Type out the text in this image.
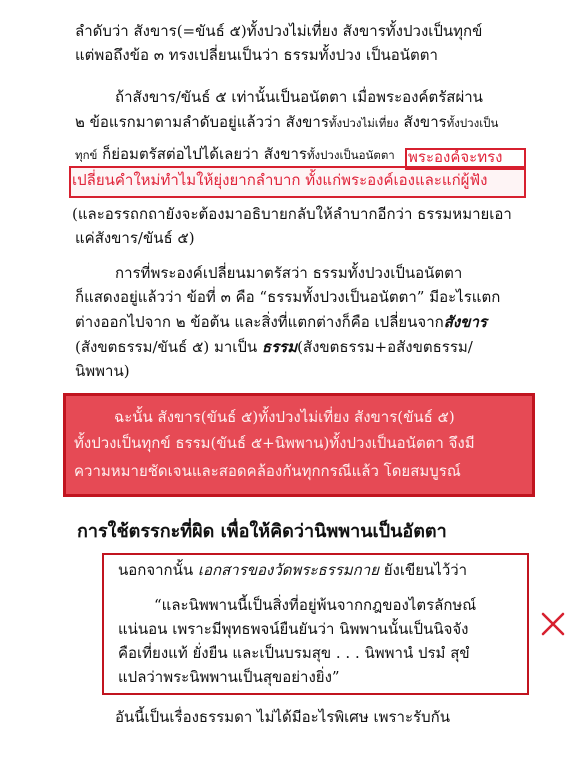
ลำดับว่า สังขาร(=ขันธ์ ๕)ทั้งปวงไม่เที่ยง สังขารทั้งปวงเป็นทุกข์
แต่พอถึงข้อ ๓ ทรงเปลี่ยนเป็นว่า ธรรมทั้งปวง เป็นอนัตตา
ถ้าสังขาร/ขันธ์ ๕ เท่านั้นเป็นอนัตตา เมื่อพระองค์ตรัสผ่าน
๒ ข้อแรกมาตามลำดับอยู่แล้วว่า สังขารทั้งปวงไม่เที่ยง สังขารทั้งปวงเป็น
ทุกข์ ก็ย่อมตรัสต่อไปได้เลยว่า สังขารทั้งปวงเป็นอนัตตา พระองค์จะทรง
เปลี่ยนคำใหม่ทำไมให้ยุ่งยากลำบาก ทั้งแก่พระองค์เองและแก่ผู้ฟัง
(และอรรถกถายังจะต้องมาอธิบายกลับให้ลำบากอีกว่า ธรรมหมายเอา
แค่สังขาร/ขันธ์ ๕)
การที่พระองค์เปลี่ยนมาตรัสว่า ธรรมทั้งปวงเป็นอนัตตา
ก็แสดงอยู่แล้วว่า ข้อที่ ๓ คือ “ธรรมทั้งปวงเป็นอนัตตา” มีอะไรแตก
ต่างออกไปจาก ๒ ข้อต้น และสิ่งที่แตกต่างก็คือ เปลี่ยนจากสังขาร
(สังขตธรรม/ขันธ์ ๕) มาเป็น ธรรม(สังขตธรรม+อสังขตธรรม/
นิพพาน)
ฉะนั้น สังขาร(ขันธ์ ๕)ทั้งปวงไม่เที่ยง สังขาร(ขันธ์ ๕)
ทั้งปวงเป็นทุกข์ ธรรม(ขันธ์ ๕+นิพพาน)ทั้งปวงเป็นอนัตตา จึงมี
ความหมายชัดเจนและสอดคล้องกันทุกกรณีแล้ว โดยสมบูรณ์
การใช้ตรรกะที่ผิด เพื่อให้คิดว่านิพพานเป็นอัตตา
นอกจากนั้น เอกสารของวัดพระธรรมกาย ยังเขียนไว้ว่า
“และนิพพานนี้เป็นสิ่งที่อยู่พ้นจากกฎของไตรลักษณ์
แน่นอน เพราะมีพุทธพจน์ยืนยันว่า นิพพานนั้นเป็นนิจจัง
คือเที่ยงแท้ ยั่งยืน และเป็นบรมสุข . . . นิพพานํ ปรมํ สุขํ
แปลว่าพระนิพพานเป็นสุขอย่างยิ่ง”
อันนี้เป็นเรื่องธรรมดา ไม่ได้มีอะไรพิเศษ เพราะรับกัน
